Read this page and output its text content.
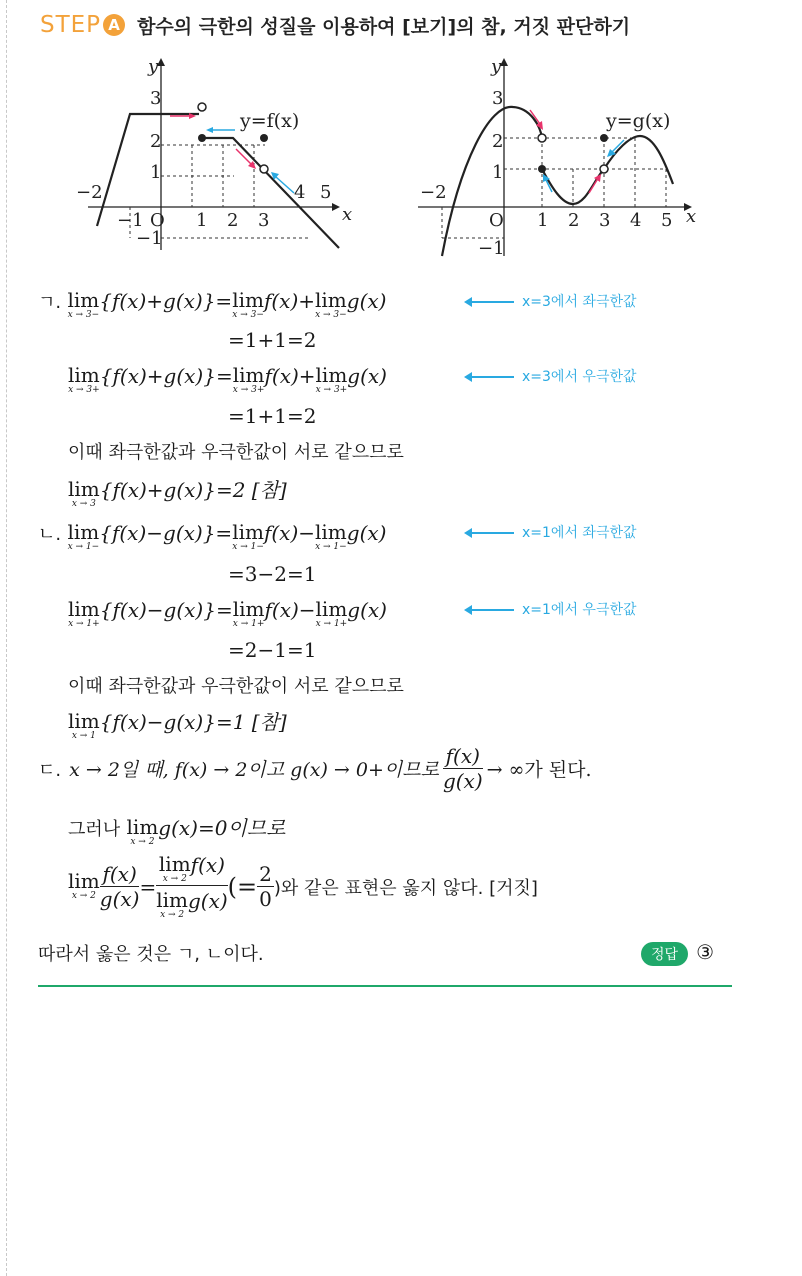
STEP A 함수의 극한의 성질을 이용하여 [보기]의 참, 거짓 판단하기
y
x
y=f(x)
3
2
1
−1
−2
−1 O 1 2 3
4 5
y
x
y=g(x)
3
2
1
−1
−2
O 1 2 3 4 5
ㄱ. lim
x → 3−
{f(x)+g(x)}= lim
x → 3−
f(x)+ lim
x → 3−
g(x)	x=3에서 좌극한값
=1+1=2
lim
x → 3+
{f(x)+g(x)}= lim
x → 3+
f(x)+ lim
x → 3+
g(x)	x=3에서 우극한값
=1+1=2
이때 좌극한값과 우극한값이 서로 같으므로
lim
x → 3
{f(x)+g(x)}=2 [참]
ㄴ. lim
x → 1−
{f(x)−g(x)}= lim
x → 1−
f(x)− lim
x → 1−
g(x)	x=1에서 좌극한값
=3−2=1
lim
x → 1+
{f(x)−g(x)}= lim
x → 1+
f(x)− lim
x → 1+
g(x)	x=1에서 우극한값
=2−1=1
이때 좌극한값과 우극한값이 서로 같으므로
lim
x → 1
{f(x)−g(x)}=1 [참]
ㄷ. x → 2일 때, f(x) → 2이고 g(x) → 0+이므로 $\frac{f(x)}{g(x)}$ → ∞가 된다.
그러나 lim
x → 2
g(x)=0이므로
lim
$x \to 2 \frac{f(x)}{g(x)} = \lim$
x → 2
f(x)
lim
x → 2
g(x) (= $\frac{2}{0}$ )와 같은 표현은 옳지 않다. [거짓]
따라서 옳은 것은 ㄱ, ㄴ이다.	정답 ③
